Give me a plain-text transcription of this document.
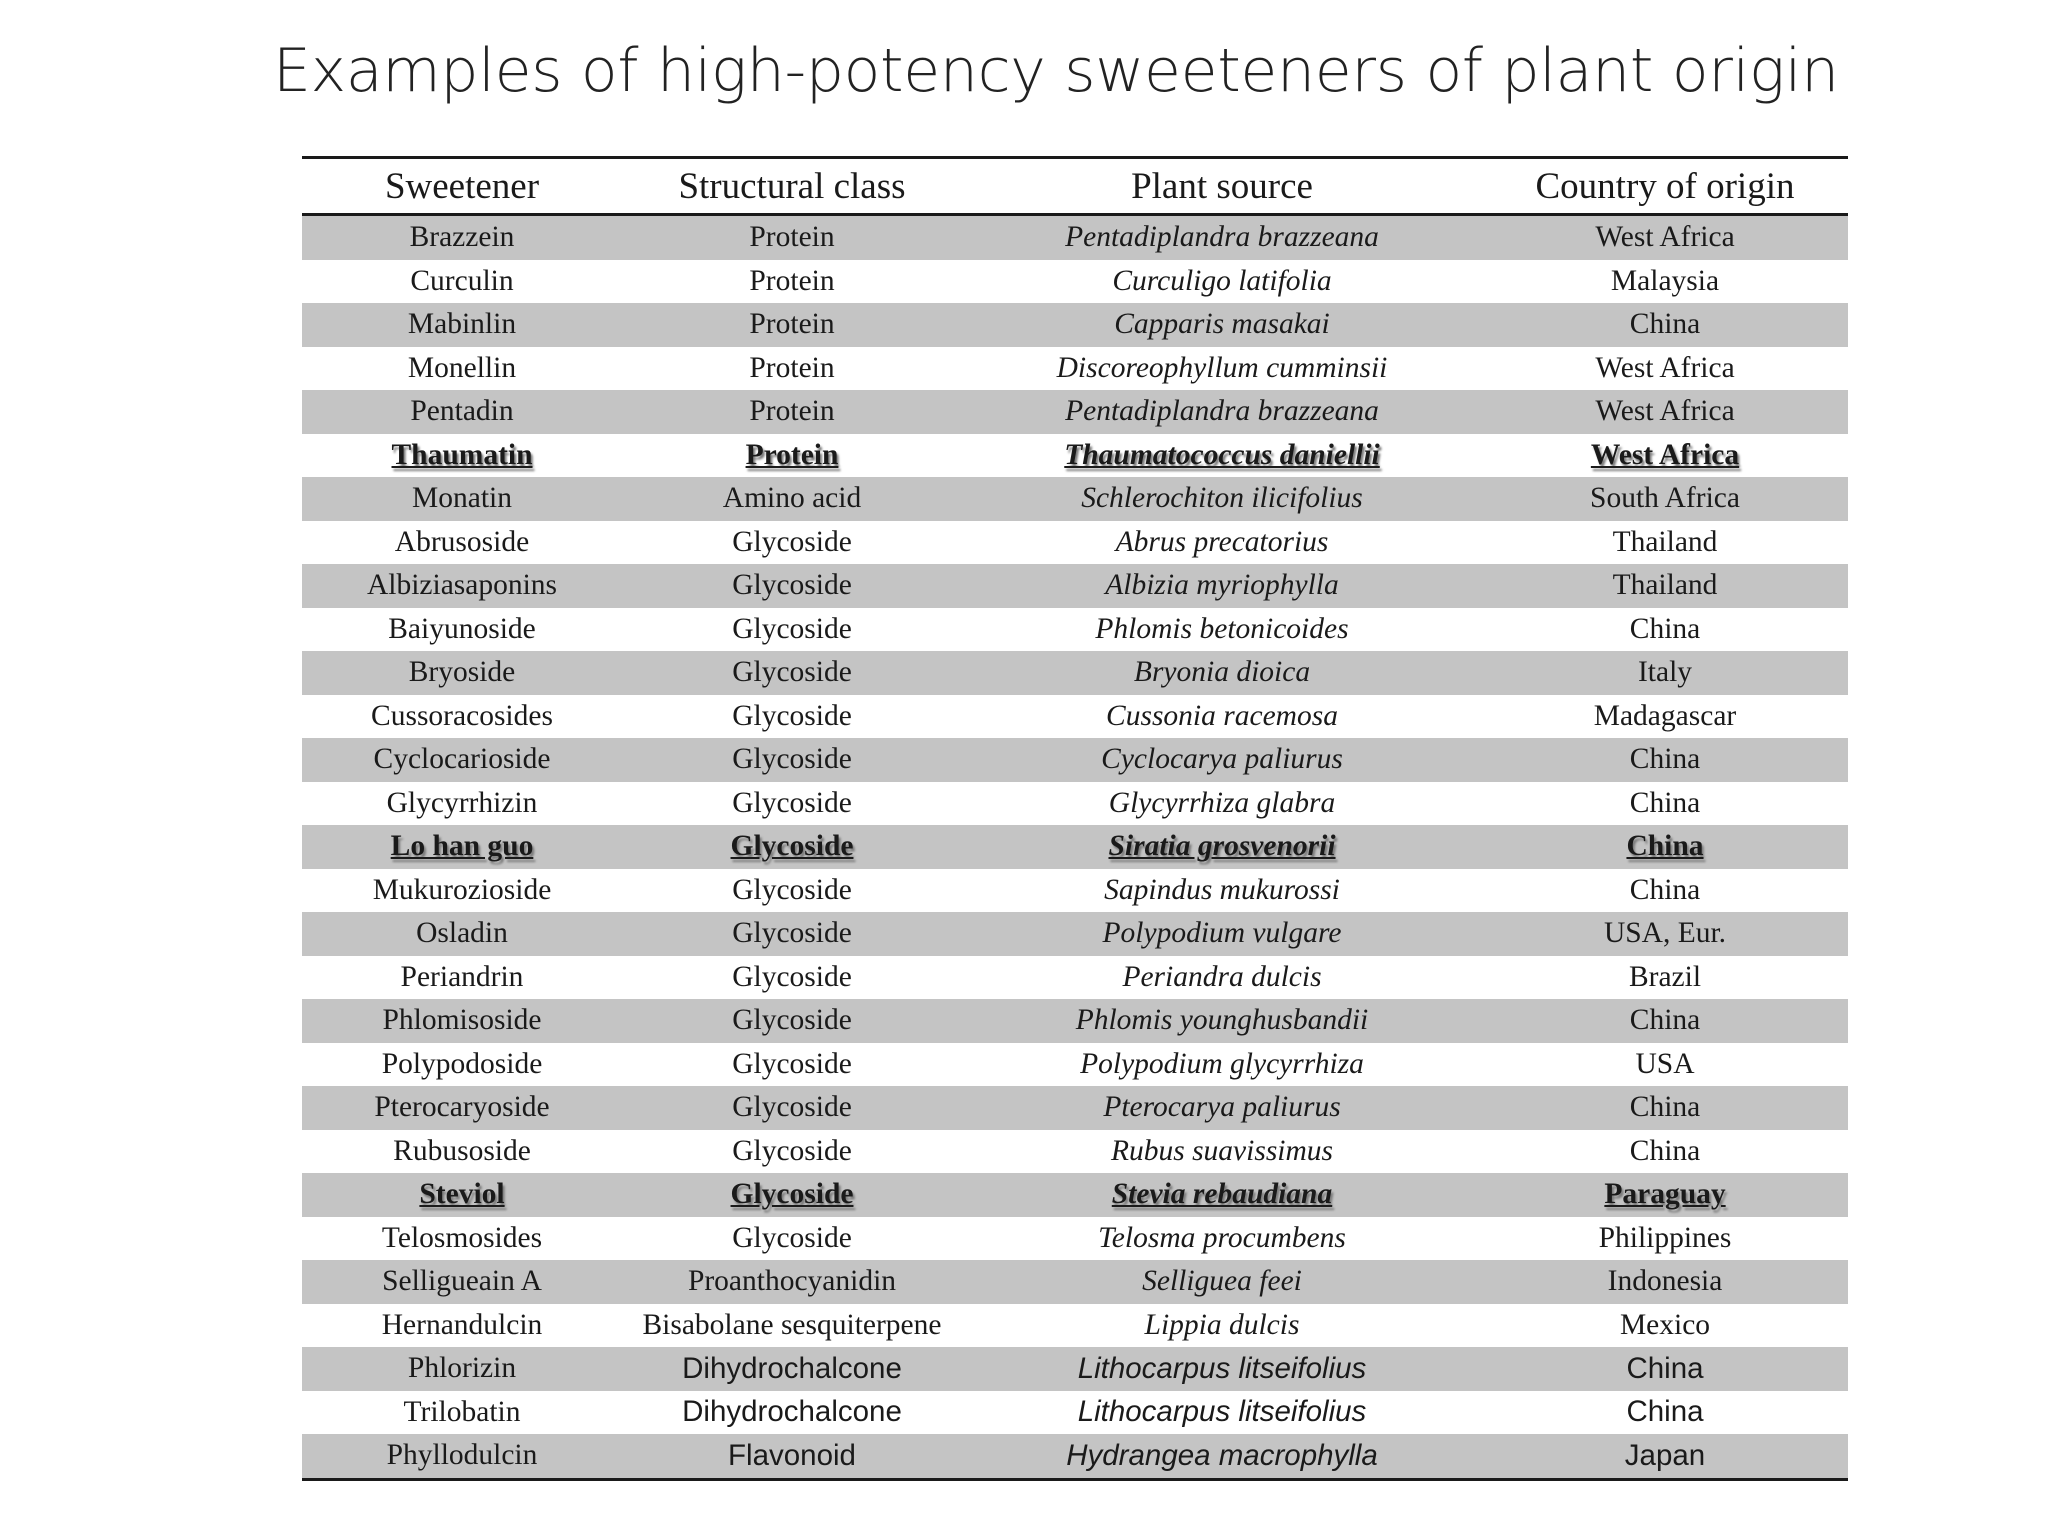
Examples of high-potency sweeteners of plant origin
Sweetener	Structural class	Plant source	Country of origin
Brazzein	Protein	Pentadiplandra brazzeana	West Africa
Curculin	Protein	Curculigo latifolia	Malaysia
Mabinlin	Protein	Capparis masakai	China
Monellin	Protein	Discoreophyllum cumminsii	West Africa
Pentadin	Protein	Pentadiplandra brazzeana	West Africa
Thaumatin	Protein	Thaumatococcus daniellii	West Africa
Monatin	Amino acid	Schlerochiton ilicifolius	South Africa
Abrusoside	Glycoside	Abrus precatorius	Thailand
Albiziasaponins	Glycoside	Albizia myriophylla	Thailand
Baiyunoside	Glycoside	Phlomis betonicoides	China
Bryoside	Glycoside	Bryonia dioica	Italy
Cussoracosides	Glycoside	Cussonia racemosa	Madagascar
Cyclocarioside	Glycoside	Cyclocarya paliurus	China
Glycyrrhizin	Glycoside	Glycyrrhiza glabra	China
Lo han guo	Glycoside	Siratia grosvenorii	China
Mukurozioside	Glycoside	Sapindus mukurossi	China
Osladin	Glycoside	Polypodium vulgare	USA, Eur.
Periandrin	Glycoside	Periandra dulcis	Brazil
Phlomisoside	Glycoside	Phlomis younghusbandii	China
Polypodoside	Glycoside	Polypodium glycyrrhiza	USA
Pterocaryoside	Glycoside	Pterocarya paliurus	China
Rubusoside	Glycoside	Rubus suavissimus	China
Steviol	Glycoside	Stevia rebaudiana	Paraguay
Telosmosides	Glycoside	Telosma procumbens	Philippines
Selligueain A	Proanthocyanidin	Selliguea feei	Indonesia
Hernandulcin	Bisabolane sesquiterpene	Lippia dulcis	Mexico
Phlorizin	Dihydrochalcone	Lithocarpus litseifolius	China
Trilobatin	Dihydrochalcone	Lithocarpus litseifolius	China
Phyllodulcin	Flavonoid	Hydrangea macrophylla	Japan
